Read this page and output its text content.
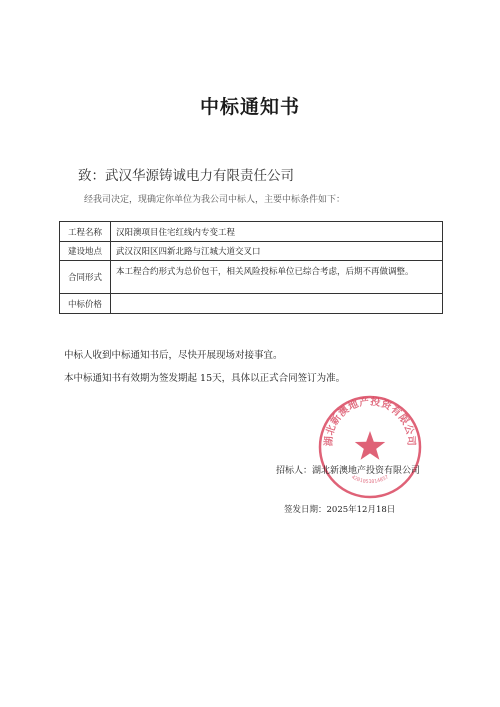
中标通知书
致：武汉华源铸诚电力有限责任公司
经我司决定，现确定你单位为我公司中标人，主要中标条件如下：
工程名称	汉阳澳项目住宅红线内专变工程
建设地点	武汉汉阳区四新北路与江城大道交叉口
合同形式	本工程合约形式为总价包干，相关风险投标单位已综合考虑，后期不再做调整。
中标价格	
中标人收到中标通知书后，尽快开展现场对接事宜。
本中标通知书有效期为签发期起 15天，具体以正式合同签订为准。
湖北新澳地产投资有限公司
4201051014857
招标人：湖北新澳地产投资有限公司
签发日期：2025年12月18日
